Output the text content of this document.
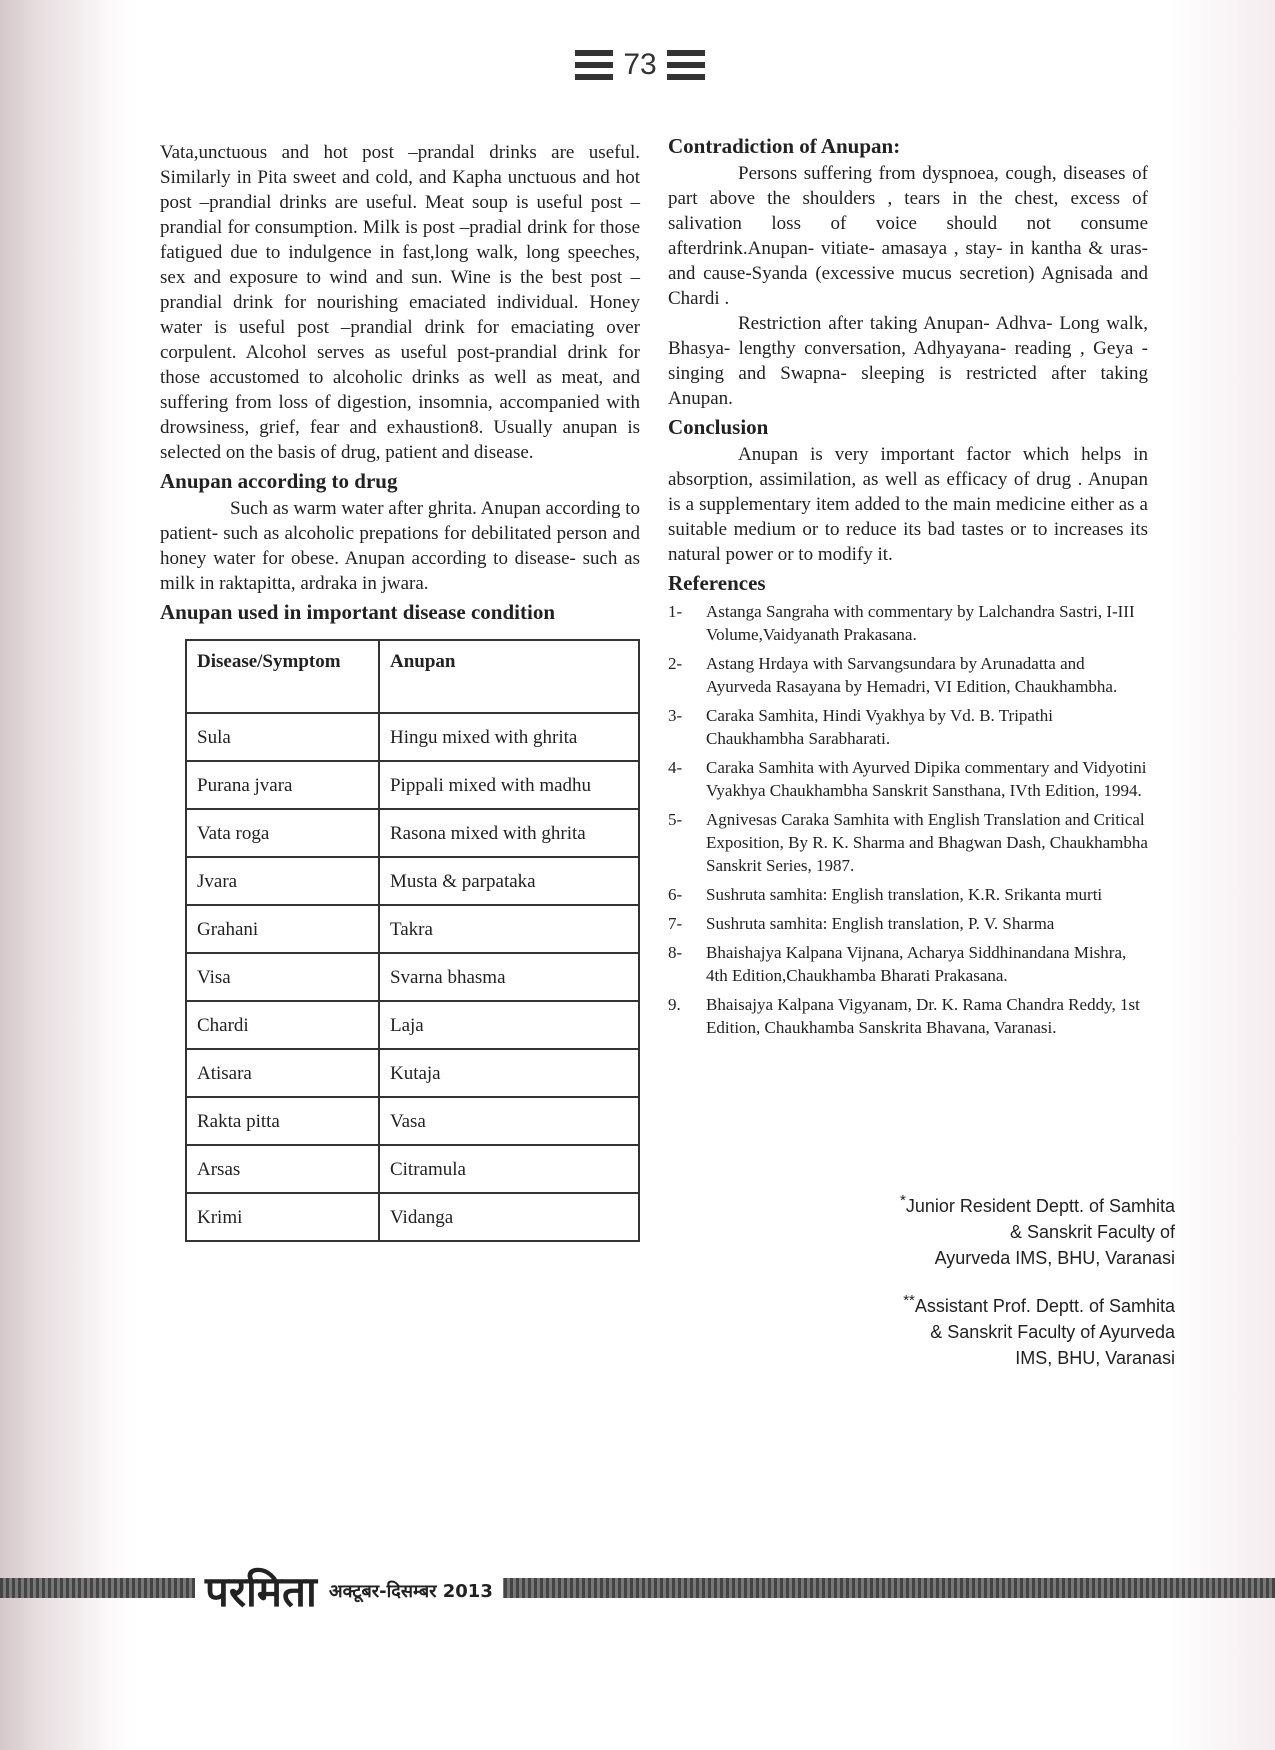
73

Vata,unctuous and hot post –prandal drinks are useful. Similarly in Pita sweet and cold, and Kapha unctuous and hot post –prandial drinks are useful. Meat soup is useful post –prandial for consumption. Milk is post –pradial drink for those fatigued due to indulgence in fast,long walk, long speeches, sex and exposure to wind and sun. Wine is the best post –prandial drink for nourishing emaciated individual. Honey water is useful post –prandial drink for emaciating over corpulent. Alcohol serves as useful post-prandial drink for those accustomed to alcoholic drinks as well as meat, and suffering from loss of digestion, insomnia, accompanied with drowsiness, grief, fear and exhaustion8. Usually anupan is selected on the basis of drug, patient and disease.

Anupan according to drug

Such as warm water after ghrita. Anupan according to patient- such as alcoholic prepations for debilitated person and honey water for obese. Anupan according to disease- such as milk in raktapitta, ardraka in jwara.

Anupan used in important disease condition
Disease/Symptom	Anupan
Sula	Hingu mixed with ghrita
Purana jvara	Pippali mixed with madhu
Vata roga	Rasona mixed with ghrita
Jvara	Musta & parpataka
Grahani	Takra
Visa	Svarna bhasma
Chardi	Laja
Atisara	Kutaja
Rakta pitta	Vasa
Arsas	Citramula
Krimi	Vidanga
Contradiction of Anupan:

Persons suffering from dyspnoea, cough, diseases of part above the shoulders , tears in the chest, excess of salivation loss of voice should not consume afterdrink.Anupan- vitiate- amasaya , stay- in kantha & uras- and cause-Syanda (excessive mucus secretion) Agnisada and Chardi .

Restriction after taking Anupan- Adhva- Long walk, Bhasya- lengthy conversation, Adhyayana- reading , Geya - singing and Swapna- sleeping is restricted after taking Anupan.

Conclusion

Anupan is very important factor which helps in absorption, assimilation, as well as efficacy of drug . Anupan is a supplementary item added to the main medicine either as a suitable medium or to reduce its bad tastes or to increases its natural power or to modify it.

References
1- Astanga Sangraha with commentary by Lalchandra Sastri, I-III Volume,Vaidyanath Prakasana.
2- Astang Hrdaya with Sarvangsundara by Arunadatta and Ayurveda Rasayana by Hemadri, VI Edition, Chaukhambha.
3- Caraka Samhita, Hindi Vyakhya by Vd. B. Tripathi Chaukhambha Sarabharati.
4- Caraka Samhita with Ayurved Dipika commentary and Vidyotini Vyakhya Chaukhambha Sanskrit Sansthana, IVth Edition, 1994.
5- Agnivesas Caraka Samhita with English Translation and Critical Exposition, By R. K. Sharma and Bhagwan Dash, Chaukhambha Sanskrit Series, 1987.
6- Sushruta samhita: English translation, K.R. Srikanta murti
7- Sushruta samhita: English translation, P. V. Sharma
8- Bhaishajya Kalpana Vijnana, Acharya Siddhinandana Mishra, 4th Edition,Chaukhamba Bharati Prakasana.
9. Bhaisajya Kalpana Vigyanam, Dr. K. Rama Chandra Reddy, 1st Edition, Chaukhamba Sanskrita Bhavana, Varanasi.
*Junior Resident Deptt. of Samhita
& Sanskrit Faculty of
Ayurveda IMS, BHU, Varanasi
**Assistant Prof. Deptt. of Samhita
& Sanskrit Faculty of Ayurveda
IMS, BHU, Varanasi
परमिता अक्टूबर-दिसम्बर 2013
